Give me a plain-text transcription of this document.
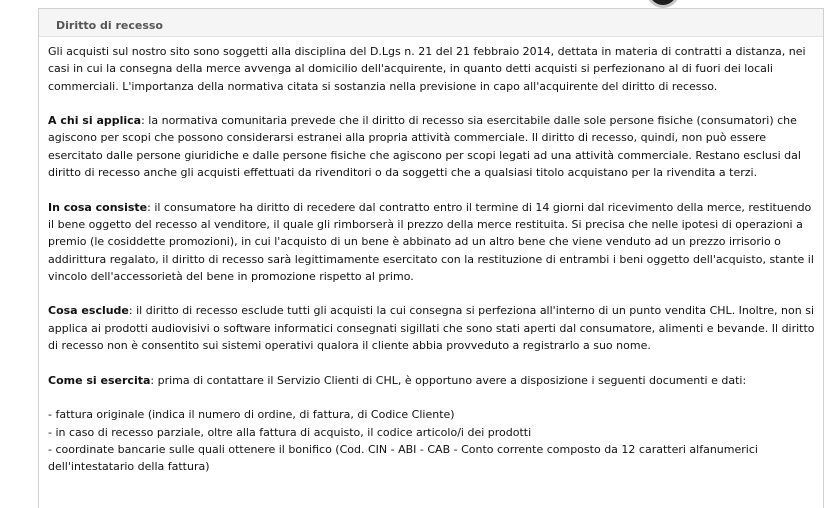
Diritto di recesso

Gli acquisti sul nostro sito sono soggetti alla disciplina del D.Lgs n. 21 del 21 febbraio 2014, dettata in materia di contratti a distanza, nei casi in cui la consegna della merce avvenga al domicilio dell'acquirente, in quanto detti acquisti si perfezionano al di fuori dei locali commerciali. L'importanza della normativa citata si sostanzia nella previsione in capo all'acquirente del diritto di recesso.

A chi si applica: la normativa comunitaria prevede che il diritto di recesso sia esercitabile dalle sole persone fisiche (consumatori) che agiscono per scopi che possono considerarsi estranei alla propria attività commerciale. Il diritto di recesso, quindi, non può essere esercitato dalle persone giuridiche e dalle persone fisiche che agiscono per scopi legati ad una attività commerciale. Restano esclusi dal diritto di recesso anche gli acquisti effettuati da rivenditori o da soggetti che a qualsiasi titolo acquistano per la rivendita a terzi.

In cosa consiste: il consumatore ha diritto di recedere dal contratto entro il termine di 14 giorni dal ricevimento della merce, restituendo il bene oggetto del recesso al venditore, il quale gli rimborserà il prezzo della merce restituita. Si precisa che nelle ipotesi di operazioni a premio (le cosiddette promozioni), in cui l'acquisto di un bene è abbinato ad un altro bene che viene venduto ad un prezzo irrisorio o addirittura regalato, il diritto di recesso sarà legittimamente esercitato con la restituzione di entrambi i beni oggetto dell'acquisto, stante il vincolo dell'accessorietà del bene in promozione rispetto al primo.

Cosa esclude: il diritto di recesso esclude tutti gli acquisti la cui consegna si perfeziona all'interno di un punto vendita CHL. Inoltre, non si applica ai prodotti audiovisivi o software informatici consegnati sigillati che sono stati aperti dal consumatore, alimenti e bevande. Il diritto di recesso non è consentito sui sistemi operativi qualora il cliente abbia provveduto a registrarlo a suo nome.

Come si esercita: prima di contattare il Servizio Clienti di CHL, è opportuno avere a disposizione i seguenti documenti e dati:

- fattura originale (indica il numero di ordine, di fattura, di Codice Cliente)

- in caso di recesso parziale, oltre alla fattura di acquisto, il codice articolo/i dei prodotti

- coordinate bancarie sulle quali ottenere il bonifico (Cod. CIN - ABI - CAB - Conto corrente composto da 12 caratteri alfanumerici dell'intestatario della fattura)
